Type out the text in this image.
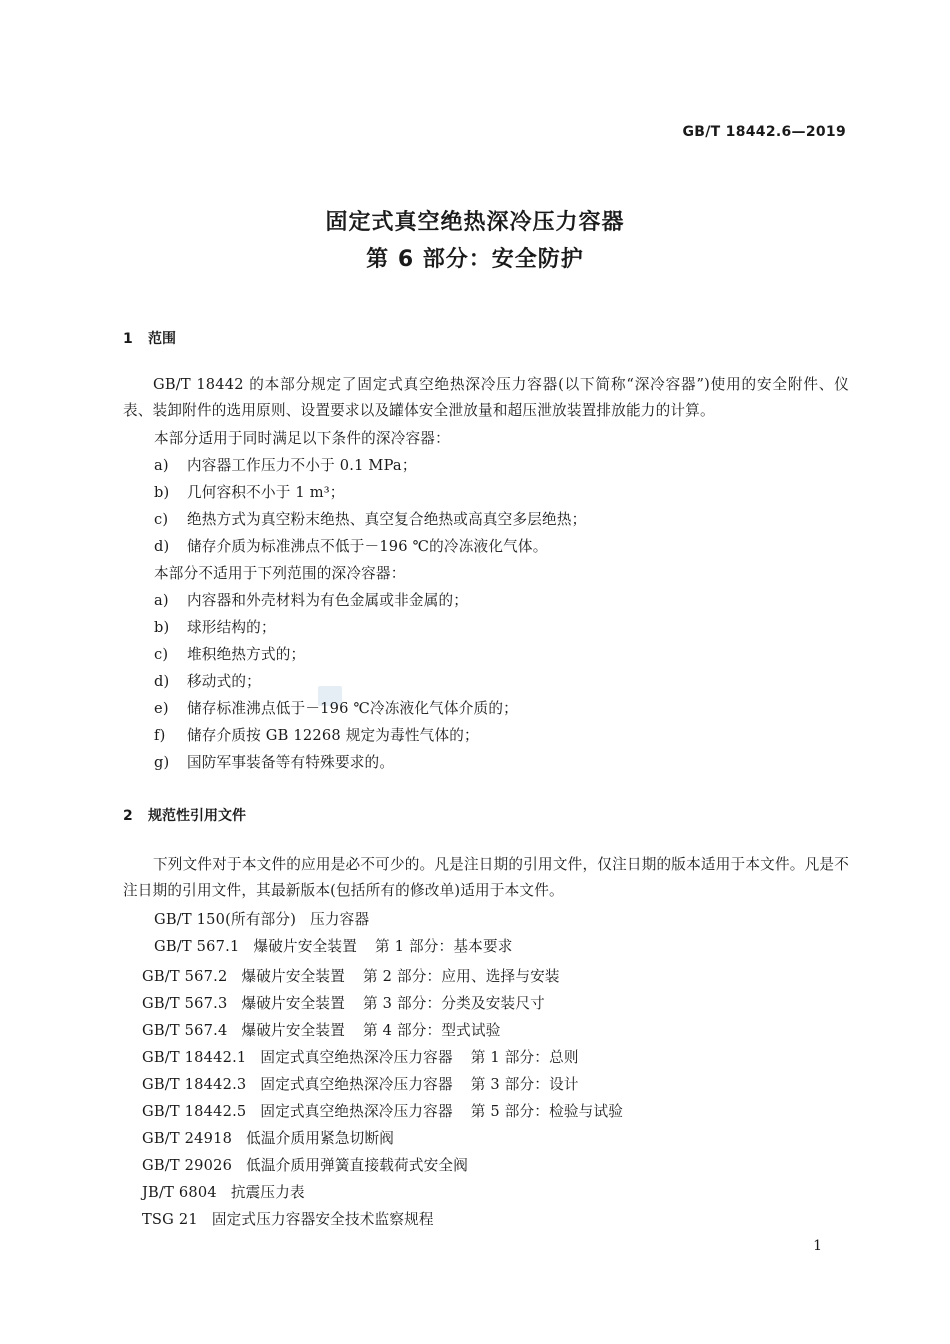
GB/T 18442.6—2019
固定式真空绝热深冷压力容器
第 6 部分：安全防护
1 范围
GB/T 18442 的本部分规定了固定式真空绝热深冷压力容器(以下简称“深冷容器”)使用的安全附件、仪表、装卸附件的选用原则、设置要求以及罐体安全泄放量和超压泄放装置排放能力的计算。
本部分适用于同时满足以下条件的深冷容器：
a) 内容器工作压力不小于 0.1 MPa；
b) 几何容积不小于 1 m³；
c) 绝热方式为真空粉末绝热、真空复合绝热或高真空多层绝热；
d) 储存介质为标准沸点不低于－196 ℃的冷冻液化气体。
本部分不适用于下列范围的深冷容器：
a) 内容器和外壳材料为有色金属或非金属的；
b) 球形结构的；
c) 堆积绝热方式的；
d) 移动式的；
e) 储存标准沸点低于－196 ℃冷冻液化气体介质的；
f) 储存介质按 GB 12268 规定为毒性气体的；
g) 国防军事装备等有特殊要求的。
2 规范性引用文件
下列文件对于本文件的应用是必不可少的。凡是注日期的引用文件，仅注日期的版本适用于本文件。凡是不注日期的引用文件，其最新版本(包括所有的修改单)适用于本文件。
GB/T 150(所有部分) 压力容器
GB/T 567.1 爆破片安全装置 第 1 部分：基本要求
GB/T 567.2 爆破片安全装置 第 2 部分：应用、选择与安装
GB/T 567.3 爆破片安全装置 第 3 部分：分类及安装尺寸
GB/T 567.4 爆破片安全装置 第 4 部分：型式试验
GB/T 18442.1 固定式真空绝热深冷压力容器 第 1 部分：总则
GB/T 18442.3 固定式真空绝热深冷压力容器 第 3 部分：设计
GB/T 18442.5 固定式真空绝热深冷压力容器 第 5 部分：检验与试验
GB/T 24918 低温介质用紧急切断阀
GB/T 29026 低温介质用弹簧直接载荷式安全阀
JB/T 6804 抗震压力表
TSG 21 固定式压力容器安全技术监察规程
1
